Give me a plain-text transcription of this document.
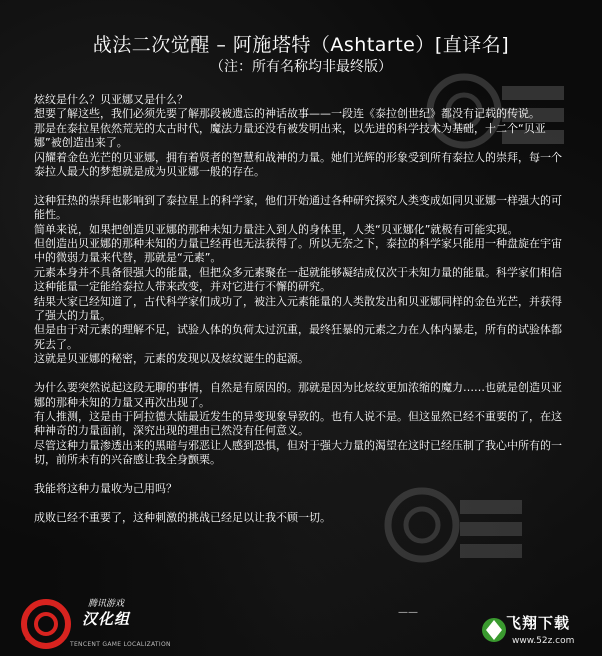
战法二次觉醒 – 阿施塔特（Ashtarte）[直译名]
（注：所有名称均非最终版）

炫纹是什么？贝亚娜又是什么？

想要了解这些，我们必须先要了解那段被遗忘的神话故事——一段连《泰拉创世纪》都没有记载的传说。

那是在泰拉星依然荒芜的太古时代，魔法力量还没有被发明出来，以先进的科学技术为基础，十二个“贝亚娜”被创造出来了。

闪耀着金色光芒的贝亚娜，拥有着贤者的智慧和战神的力量。她们光辉的形象受到所有泰拉人的崇拜，每一个泰拉人最大的梦想就是成为贝亚娜一般的存在。

这种狂热的崇拜也影响到了泰拉星上的科学家，他们开始通过各种研究探究人类变成如同贝亚娜一样强大的可能性。

简单来说，如果把创造贝亚娜的那种未知力量注入到人的身体里，人类“贝亚娜化”就极有可能实现。

但创造出贝亚娜的那种未知的力量已经再也无法获得了。所以无奈之下，泰拉的科学家只能用一种盘旋在宇宙中的微弱力量来代替，那就是“元素”。

元素本身并不具备很强大的能量，但把众多元素聚在一起就能够凝结成仅次于未知力量的能量。科学家们相信这种能量一定能给泰拉人带来改变，并对它进行不懈的研究。

结果大家已经知道了，古代科学家们成功了，被注入元素能量的人类散发出和贝亚娜同样的金色光芒，并获得了强大的力量。

但是由于对元素的理解不足，试验人体的负荷太过沉重，最终狂暴的元素之力在人体内暴走，所有的试验体都死去了。

这就是贝亚娜的秘密，元素的发现以及炫纹诞生的起源。

为什么要突然说起这段无聊的事情，自然是有原因的。那就是因为比炫纹更加浓缩的魔力……也就是创造贝亚娜的那种未知的力量又再次出现了。

有人推测，这是由于阿拉德大陆最近发生的异变现象导致的。也有人说不是。但这显然已经不重要的了，在这种神奇的力量面前，深究出现的理由已然没有任何意义。

尽管这种力量渗透出来的黑暗与邪恶让人感到恐惧，但对于强大力量的渴望在这时已经压制了我心中所有的一切，前所未有的兴奋感让我全身颤栗。

我能将这种力量收为己用吗？

成败已经不重要了，这种刺激的挑战已经足以让我不顾一切。

汉化组
腾讯游戏
TENCENT GAME LOCALIZATION
——
飞翔下载
www.52z.com
